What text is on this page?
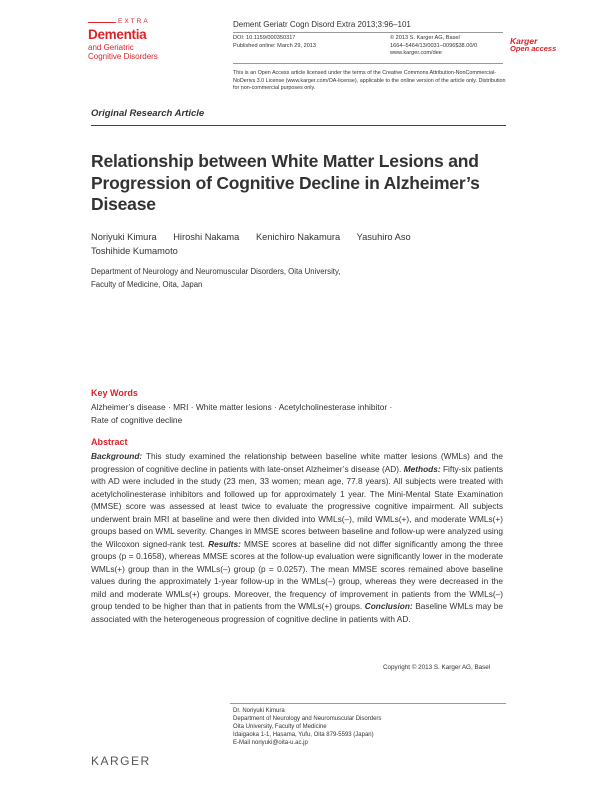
EXTRA
Dementia
and Geriatric
Cognitive Disorders
Dement Geriatr Cogn Disord Extra 2013;3:96–101
DOI: 10.1159/000350317
Published online: March 29, 2013
© 2013 S. Karger AG, Basel
1664–5464/13/0031–0096$38.00/0
www.karger.com/dee
Karger
Open access
This is an Open Access article licensed under the terms of the Creative Commons Attribution-NonCommercial-NoDerivs 3.0 License (www.karger.com/OA-license), applicable to the online version of the article only. Distribution for non-commercial purposes only.
Original Research Article
Relationship between White Matter Lesions and Progression of Cognitive Decline in Alzheimer’s Disease
Noriyuki Kimura Hiroshi Nakama Kenichiro Nakamura Yasuhiro Aso
Toshihide Kumamoto
Department of Neurology and Neuromuscular Disorders, Oita University,
Faculty of Medicine, Oita, Japan
Key Words
Alzheimer’s disease · MRI · White matter lesions · Acetylcholinesterase inhibitor ·
Rate of cognitive decline
Abstract
Background: This study examined the relationship between baseline white matter lesions (WMLs) and the progression of cognitive decline in patients with late-onset Alzheimer’s disease (AD). Methods: Fifty-six patients with AD were included in the study (23 men, 33 women; mean age, 77.8 years). All subjects were treated with acetylcholinesterase inhibitors and followed up for approximately 1 year. The Mini-Mental State Examination (MMSE) score was assessed at least twice to evaluate the progressive cognitive impairment. All subjects underwent brain MRI at baseline and were then divided into WMLs(–), mild WMLs(+), and moderate WMLs(+) groups based on WML severity. Changes in MMSE scores between baseline and follow-up were analyzed using the Wilcoxon signed-rank test. Results: MMSE scores at baseline did not differ significantly among the three groups (p = 0.1658), whereas MMSE scores at the follow-up evaluation were significantly lower in the moderate WMLs(+) group than in the WMLs(–) group (p = 0.0257). The mean MMSE scores remained above baseline values during the approximately 1-year follow-up in the WMLs(–) group, whereas they were decreased in the mild and moderate WMLs(+) groups. Moreover, the frequency of improvement in patients from the WMLs(–) group tended to be higher than that in patients from the WMLs(+) groups. Conclusion: Baseline WMLs may be associated with the heterogeneous progression of cognitive decline in patients with AD.
Copyright © 2013 S. Karger AG, Basel
Dr. Noriyuki Kimura
Department of Neurology and Neuromuscular Disorders
Oita University, Faculty of Medicine
Idaigaoka 1-1, Hasama, Yufu, Oita 879-5593 (Japan)
E-Mail noriyuki@oita-u.ac.jp
KARGER
